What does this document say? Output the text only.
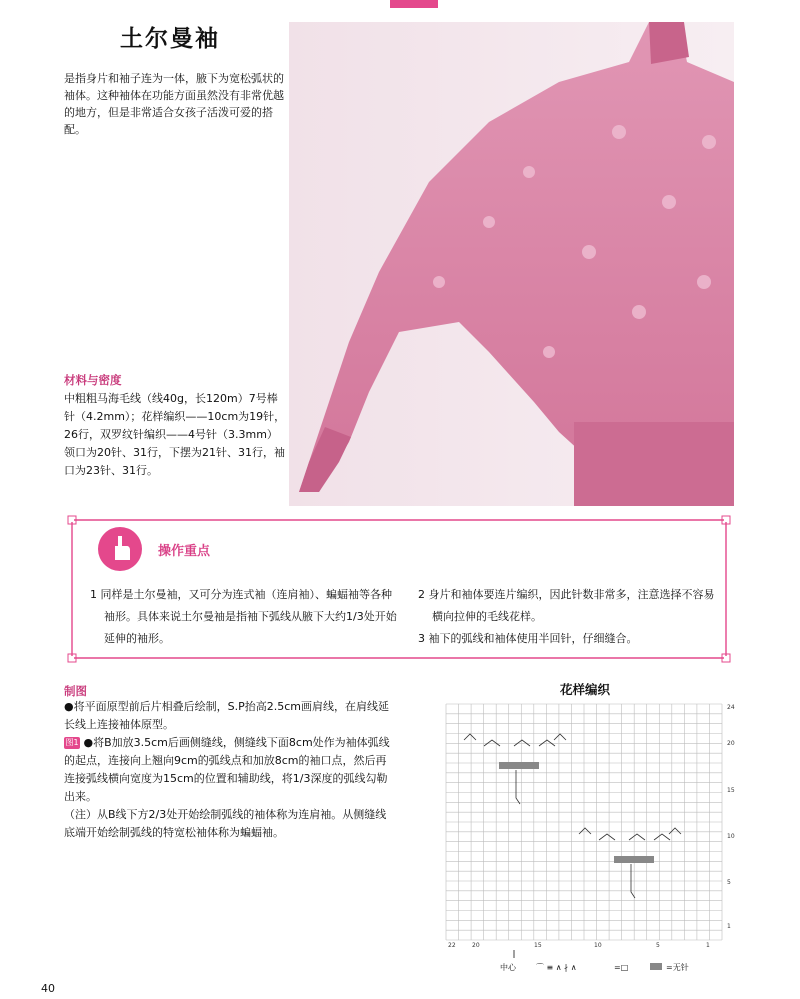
土尔曼袖

是指身片和袖子连为一体，腋下为宽松弧状的袖体。这种袖体在功能方面虽然没有非常优越的地方，但是非常适合女孩子活泼可爱的搭配。

材料与密度

中粗粗马海毛线（线40g，长120m）7号棒针（4.2mm）；花样编织——10cm为19针，26行，双罗纹针编织——4号针（3.3mm）领口为20针、31行，下摆为21针、31行，袖口为23针、31行。

操作重点
1 同样是土尔曼袖，又可分为连式袖（连肩袖）、蝙蝠袖等各种袖形。具体来说土尔曼袖是指袖下弧线从腋下大约1/3处开始延伸的袖形。
2 身片和袖体要连片编织，因此针数非常多，注意选择不容易横向拉伸的毛线花样。
3 袖下的弧线和袖体使用半回针，仔细缝合。
制图

●将平面原型前后片相叠后绘制，S.P抬高2.5cm画肩线，在肩线延长线上连接袖体原型。

图1 ●将B加放3.5cm后画侧缝线，侧缝线下面8cm处作为袖体弧线的起点，连接向上翘向9cm的弧线点和加放8cm的袖口点，然后再连接弧线横向宽度为15cm的位置和辅助线，将1/3深度的弧线勾勒出来。

（注）从B线下方2/3处开始绘制弧线的袖体称为连肩袖。从侧缝线底端开始绘制弧线的特宽松袖体称为蝙蝠袖。

花样编织
24
20
15
10
5
1
22	20	15	10	5	1
中心	⌒ ≡ ∧ ∤ ∧	=□	=无针
40
